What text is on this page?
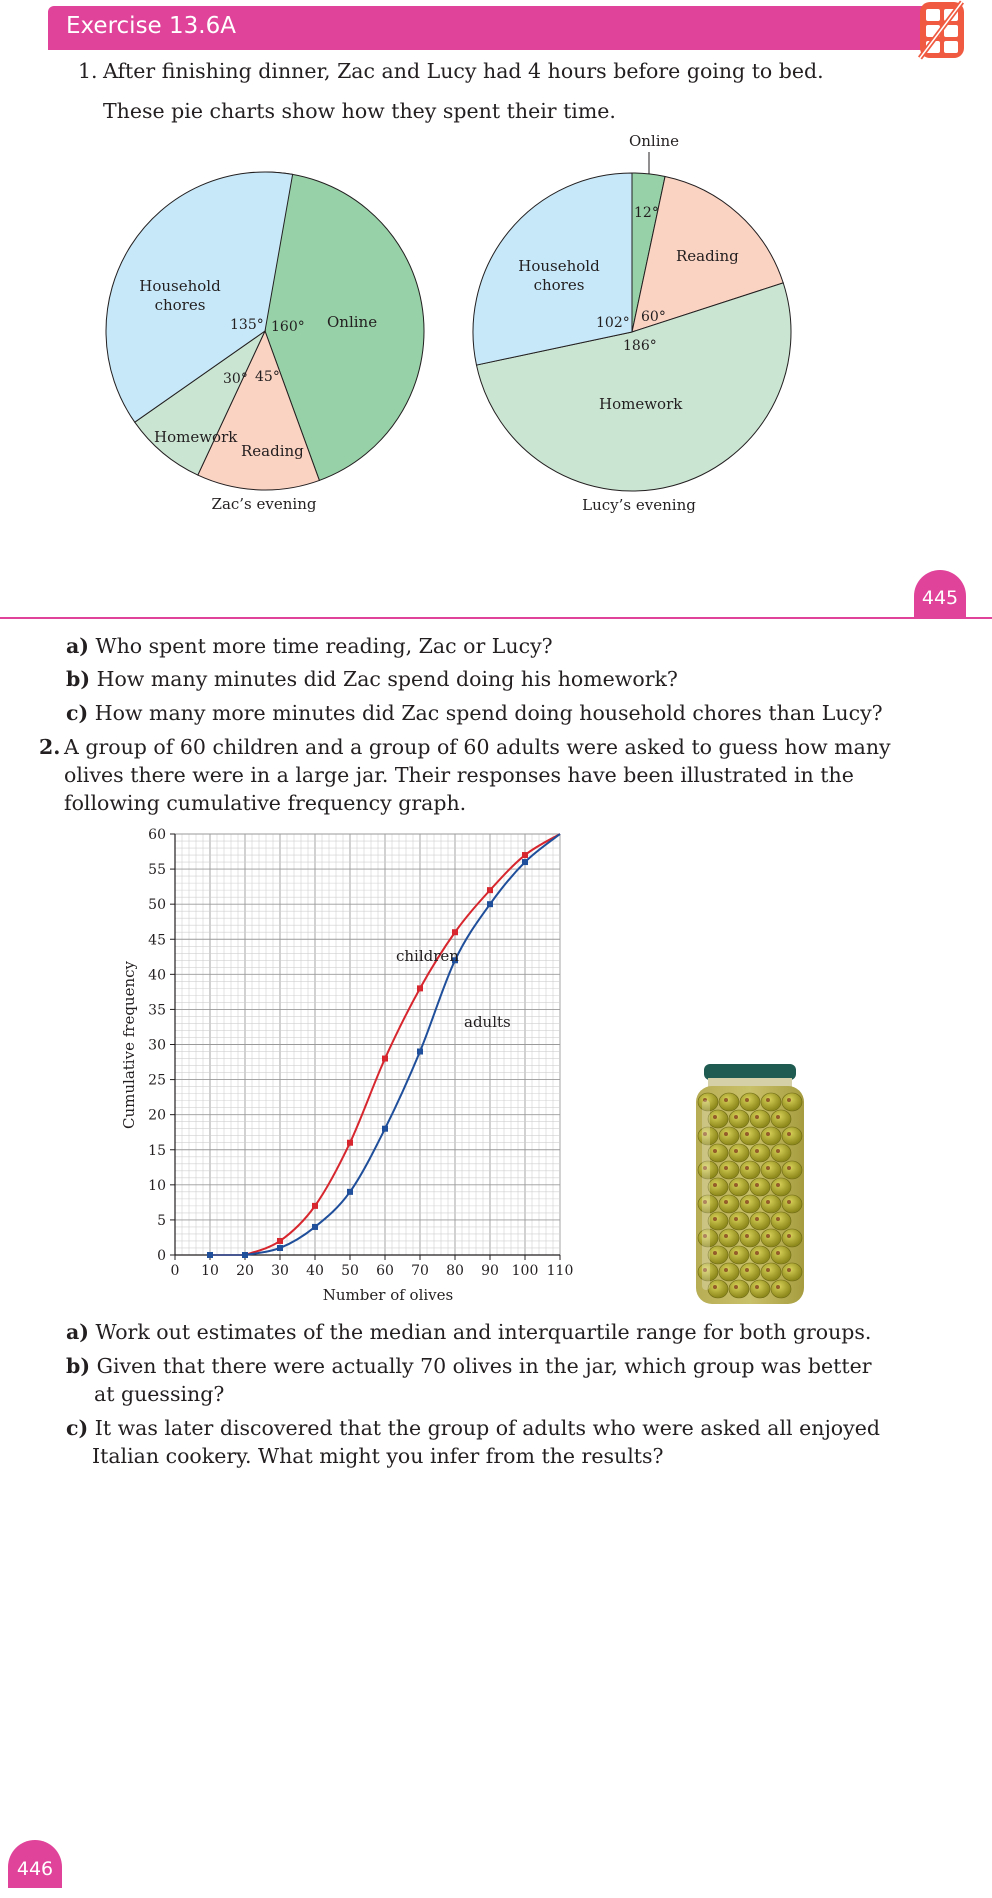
Exercise 13.6A
1. After finishing dinner, Zac and Lucy had 4 hours before going to bed.
These pie charts show how they spent their time.
Household
chores
Online
Homework
Reading
135° 160°
30° 45°
Zac’s evening
Online
Household
chores
Reading
Homework
12°
60°
102°
186°
Lucy’s evening
445
a) Who spent more time reading, Zac or Lucy?
b) How many minutes did Zac spend doing his homework?
c) How many more minutes did Zac spend doing household chores than Lucy?
2. A group of 60 children and a group of 60 adults were asked to guess how many
olives there were in a large jar. Their responses have been illustrated in the
following cumulative frequency graph.
0 10 20 30 40 50 60 70 80 90 100 110
0
5
10
15
20
25
30
35
40
45
50
55
60
children
adults
Number of olives
Cumulative frequency
a) Work out estimates of the median and interquartile range for both groups.
b) Given that there were actually 70 olives in the jar, which group was better
at guessing?
c) It was later discovered that the group of adults who were asked all enjoyed
Italian cookery. What might you infer from the results?
446
